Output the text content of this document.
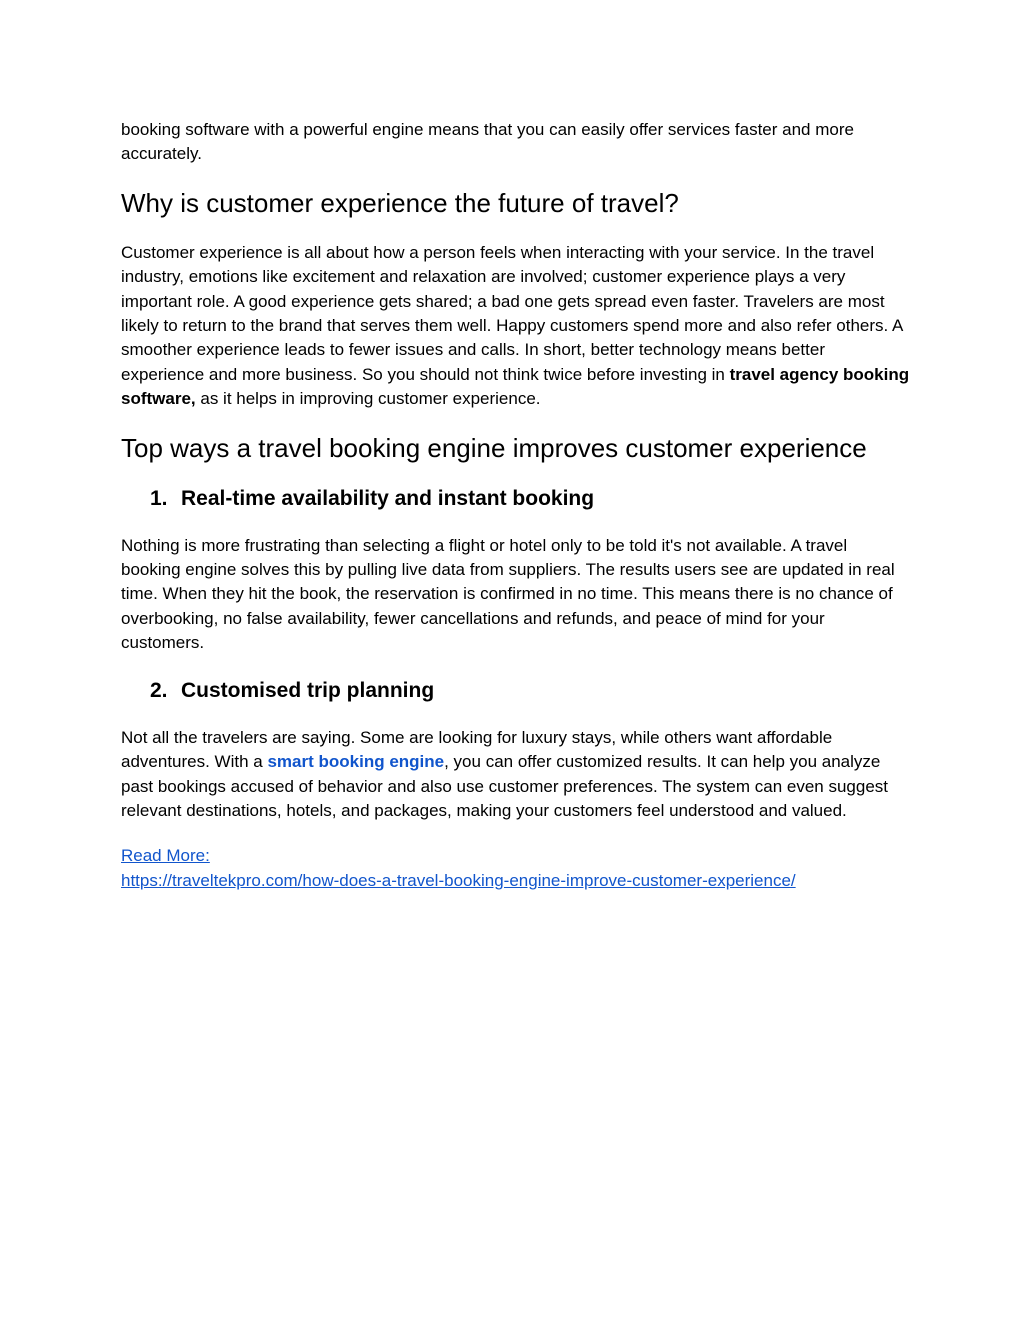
booking software with a powerful engine means that you can easily offer services faster and more accurately.

Why is customer experience the future of travel?

Customer experience is all about how a person feels when interacting with your service. In the travel industry, emotions like excitement and relaxation are involved; customer experience plays a very important role. A good experience gets shared; a bad one gets spread even faster. Travelers are most likely to return to the brand that serves them well. Happy customers spend more and also refer others. A smoother experience leads to fewer issues and calls. In short, better technology means better experience and more business. So you should not think twice before investing in travel agency booking software, as it helps in improving customer experience.

Top ways a travel booking engine improves customer experience
1. Real-time availability and instant booking

Nothing is more frustrating than selecting a flight or hotel only to be told it's not available. A travel booking engine solves this by pulling live data from suppliers. The results users see are updated in real time. When they hit the book, the reservation is confirmed in no time. This means there is no chance of overbooking, no false availability, fewer cancellations and refunds, and peace of mind for your customers.

2. Customised trip planning

Not all the travelers are saying. Some are looking for luxury stays, while others want affordable adventures. With a smart booking engine, you can offer customized results. It can help you analyze past bookings accused of behavior and also use customer preferences. The system can even suggest relevant destinations, hotels, and packages, making your customers feel understood and valued.

Read More:
https://traveltekpro.com/how-does-a-travel-booking-engine-improve-customer-experience/
